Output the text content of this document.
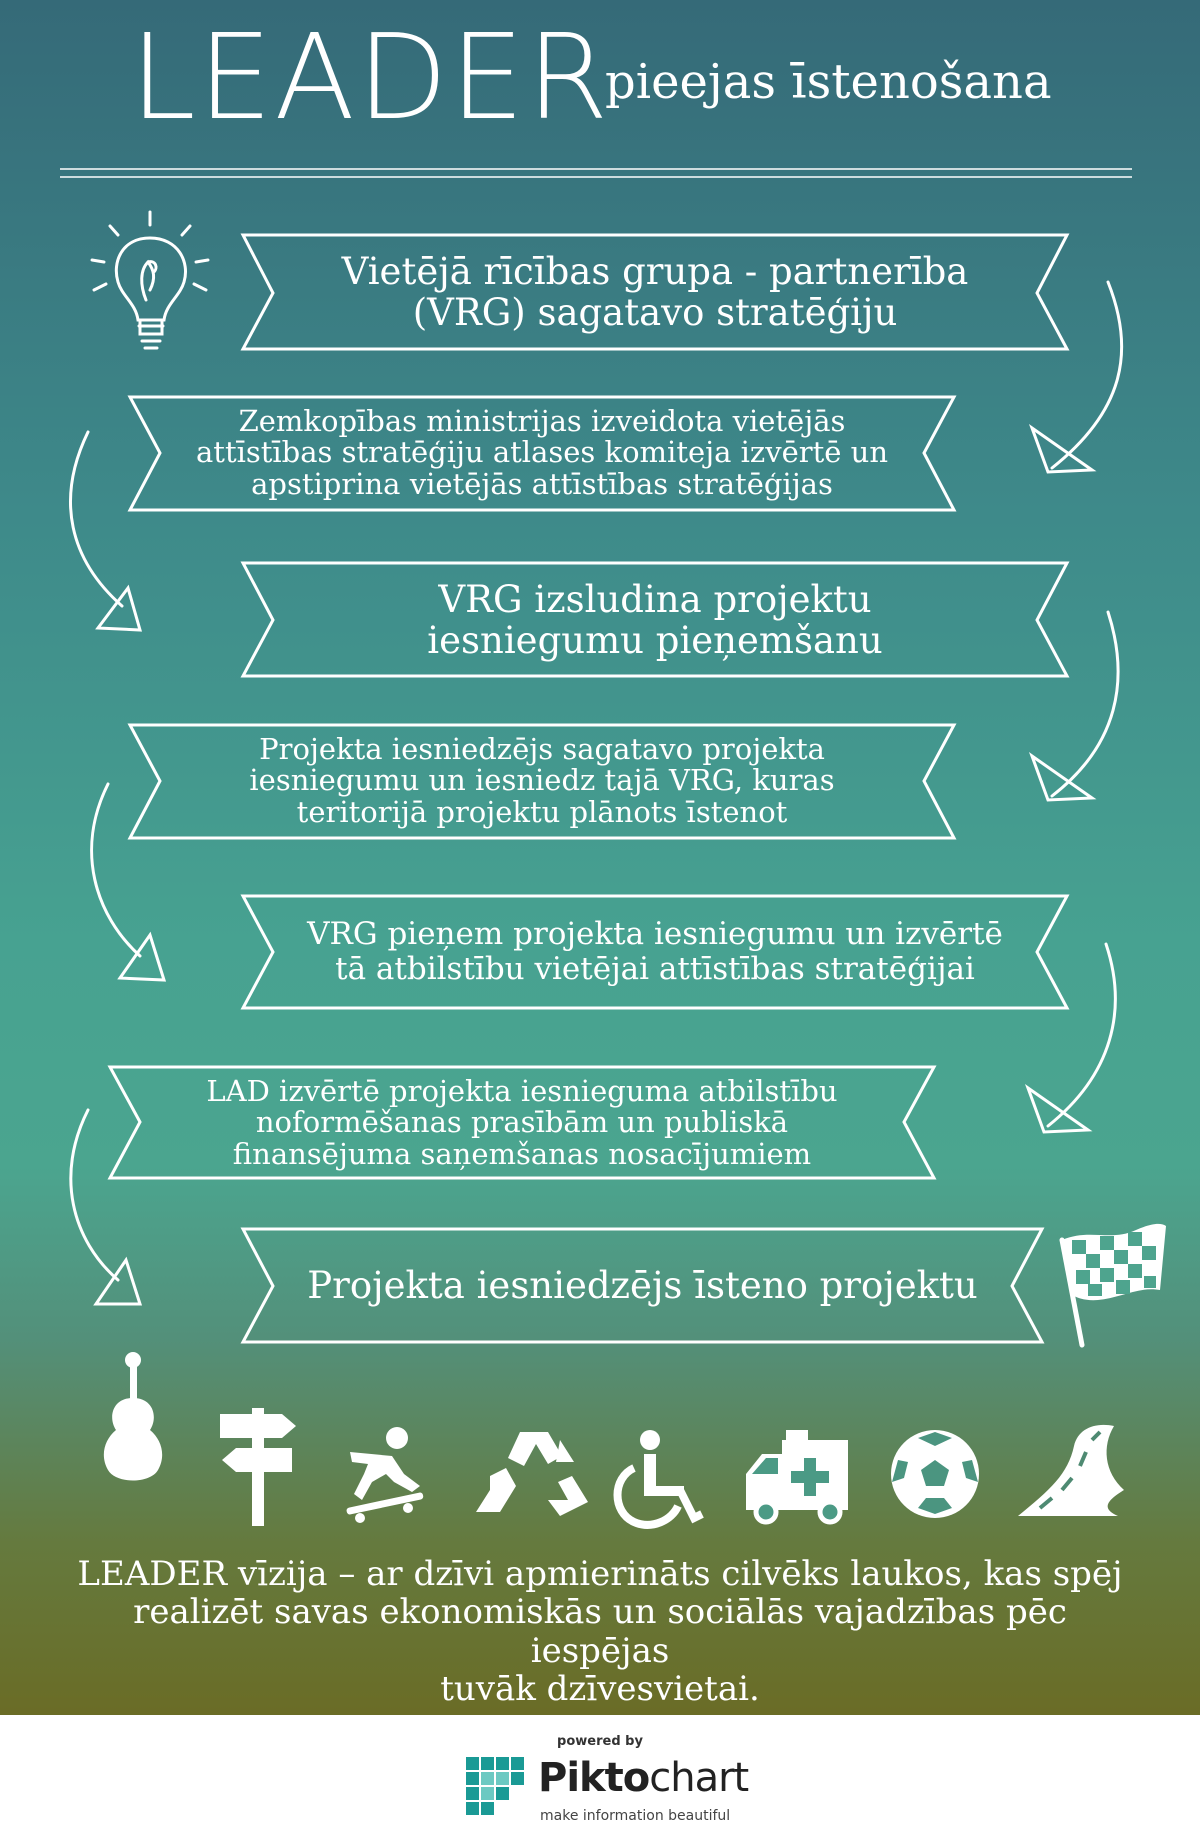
LEADER
pieejas īstenošana
Vietējā rīcības grupa - partnerība
(VRG) sagatavo stratēģiju
Zemkopības ministrijas izveidota vietējās
attīstības stratēģiju atlases komiteja izvērtē un
apstiprina vietējās attīstības stratēģijas
VRG izsludina projektu
iesniegumu pieņemšanu
Projekta iesniedzējs sagatavo projekta
iesniegumu un iesniedz tajā VRG, kuras
teritorijā projektu plānots īstenot
VRG pieņem projekta iesniegumu un izvērtē
tā atbilstību vietējai attīstības stratēģijai
LAD izvērtē projekta iesnieguma atbilstību
noformēšanas prasībām un publiskā
finansējuma saņemšanas nosacījumiem
Projekta iesniedzējs īsteno projektu
LEADER vīzija – ar dzīvi apmierināts cilvēks laukos, kas spēj
realizēt savas ekonomiskās un sociālās vajadzības pēc iespējas
tuvāk dzīvesvietai.
powered by
Piktochart
make information beautiful
